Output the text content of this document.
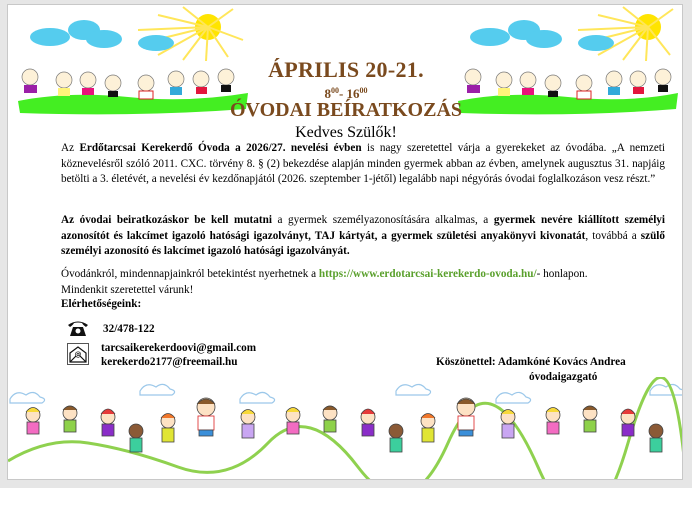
ÁPRILIS 20-21.
$8^{00}-$ $16^{00}$
ÓVODAI BEÍRATKOZÁS
Kedves Szülők!
Az Erdőtarcsai Kerekerdő Óvoda a 2026/27. nevelési évben is nagy szeretettel várja a gyerekeket az óvodába. „A nemzeti köznevelésről szóló 2011. CXC. törvény 8. § (2) bekezdése alapján minden gyermek abban az évben, amelynek augusztus 31. napjáig betölti a 3. életévét, a nevelési év kezdőnapjától (2026. szeptember 1-jétől) legalább napi négyórás óvodai foglalkozáson vesz részt.”
Az óvodai beiratkozáskor be kell mutatni a gyermek személyazonosítására alkalmas, a gyermek nevére kiállított személyi azonosítót és lakcímet igazoló hatósági igazolványt, TAJ kártyát, a gyermek születési anyakönyvi kivonatát, továbbá a szülő személyi azonosító és lakcímet igazoló hatósági igazolványát.
Óvodánkról, mindennapjainkról betekintést nyerhetnek a https://www.erdotarcsai-kerekerdo-ovoda.hu/- honlapon.
Mindenkit szeretettel várunk!
Elérhetőségeink:
32/478-122
@
tarcsaikerekerdoovi@gmail.com
kerekerdo2177@freemail.hu	Köszönettel: Adamkóné Kovács Andrea
óvodaigazgató
